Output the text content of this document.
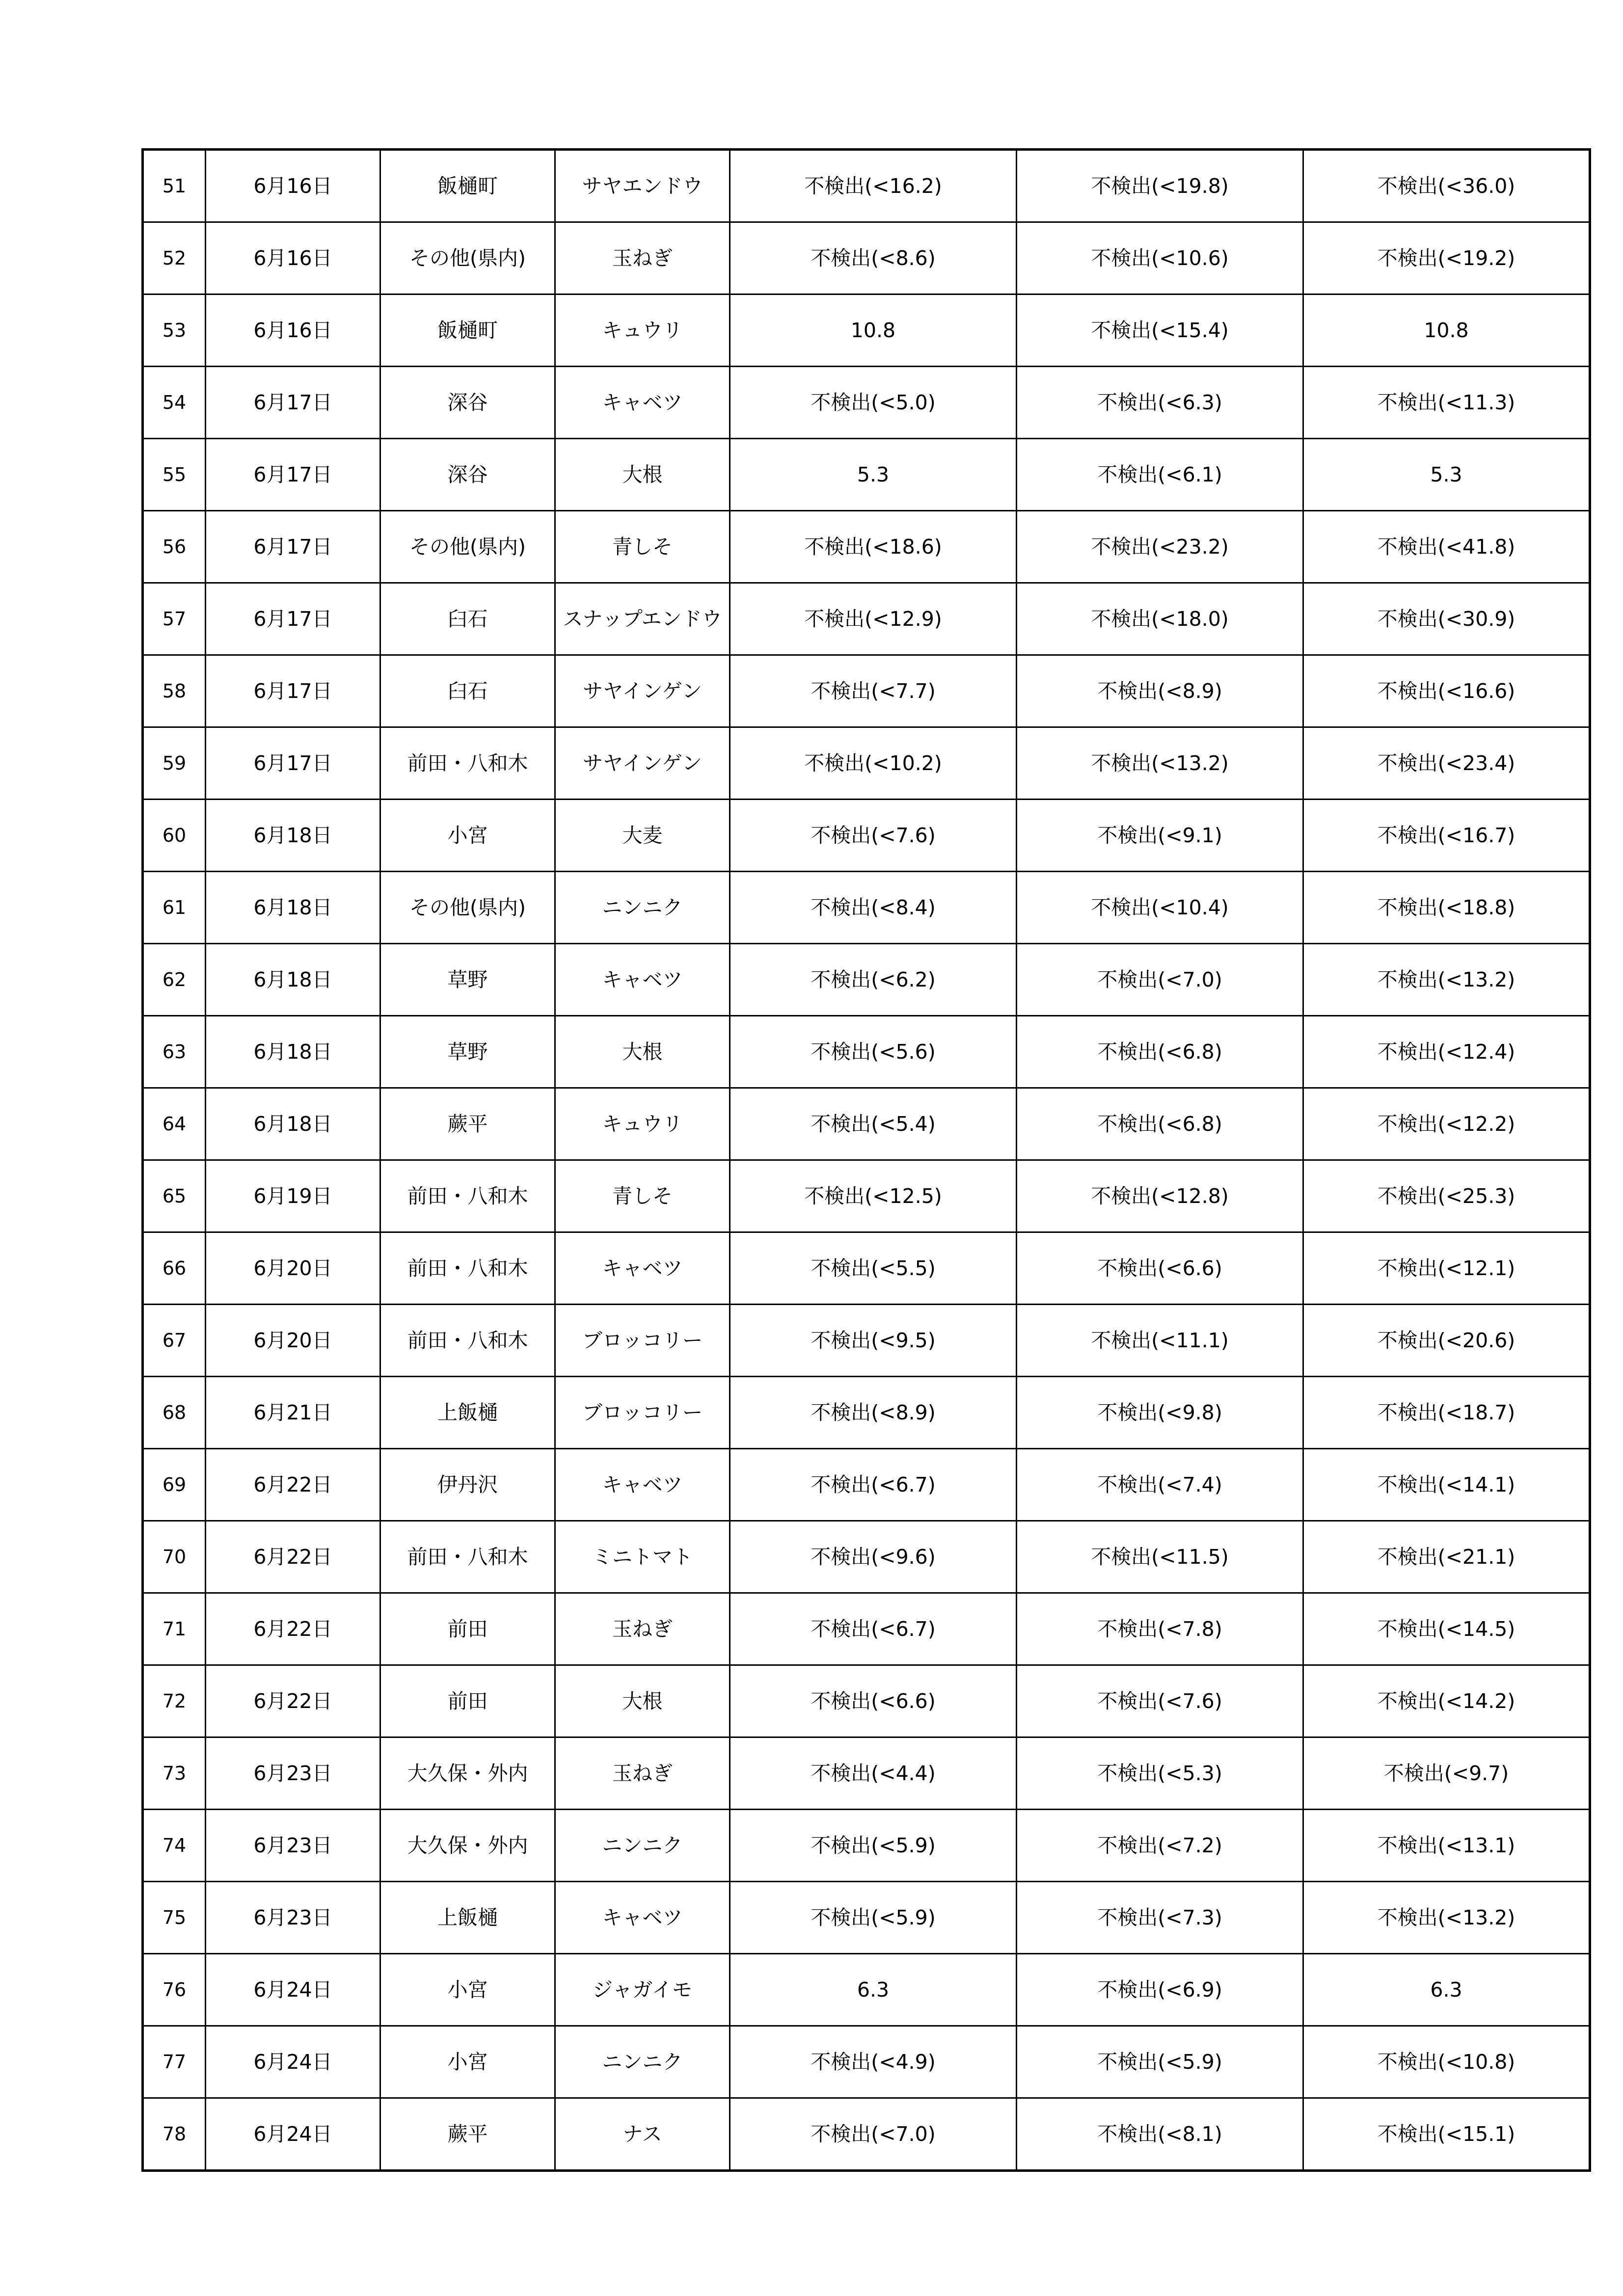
51	6月16日	飯樋町	サヤエンドウ	不検出(<16.2)	不検出(<19.8)	不検出(<36.0)
52	6月16日	その他(県内)	玉ねぎ	不検出(<8.6)	不検出(<10.6)	不検出(<19.2)
53	6月16日	飯樋町	キュウリ	10.8	不検出(<15.4)	10.8
54	6月17日	深谷	キャベツ	不検出(<5.0)	不検出(<6.3)	不検出(<11.3)
55	6月17日	深谷	大根	5.3	不検出(<6.1)	5.3
56	6月17日	その他(県内)	青しそ	不検出(<18.6)	不検出(<23.2)	不検出(<41.8)
57	6月17日	臼石	スナップエンドウ	不検出(<12.9)	不検出(<18.0)	不検出(<30.9)
58	6月17日	臼石	サヤインゲン	不検出(<7.7)	不検出(<8.9)	不検出(<16.6)
59	6月17日	前田・八和木	サヤインゲン	不検出(<10.2)	不検出(<13.2)	不検出(<23.4)
60	6月18日	小宮	大麦	不検出(<7.6)	不検出(<9.1)	不検出(<16.7)
61	6月18日	その他(県内)	ニンニク	不検出(<8.4)	不検出(<10.4)	不検出(<18.8)
62	6月18日	草野	キャベツ	不検出(<6.2)	不検出(<7.0)	不検出(<13.2)
63	6月18日	草野	大根	不検出(<5.6)	不検出(<6.8)	不検出(<12.4)
64	6月18日	蕨平	キュウリ	不検出(<5.4)	不検出(<6.8)	不検出(<12.2)
65	6月19日	前田・八和木	青しそ	不検出(<12.5)	不検出(<12.8)	不検出(<25.3)
66	6月20日	前田・八和木	キャベツ	不検出(<5.5)	不検出(<6.6)	不検出(<12.1)
67	6月20日	前田・八和木	ブロッコリー	不検出(<9.5)	不検出(<11.1)	不検出(<20.6)
68	6月21日	上飯樋	ブロッコリー	不検出(<8.9)	不検出(<9.8)	不検出(<18.7)
69	6月22日	伊丹沢	キャベツ	不検出(<6.7)	不検出(<7.4)	不検出(<14.1)
70	6月22日	前田・八和木	ミニトマト	不検出(<9.6)	不検出(<11.5)	不検出(<21.1)
71	6月22日	前田	玉ねぎ	不検出(<6.7)	不検出(<7.8)	不検出(<14.5)
72	6月22日	前田	大根	不検出(<6.6)	不検出(<7.6)	不検出(<14.2)
73	6月23日	大久保・外内	玉ねぎ	不検出(<4.4)	不検出(<5.3)	不検出(<9.7)
74	6月23日	大久保・外内	ニンニク	不検出(<5.9)	不検出(<7.2)	不検出(<13.1)
75	6月23日	上飯樋	キャベツ	不検出(<5.9)	不検出(<7.3)	不検出(<13.2)
76	6月24日	小宮	ジャガイモ	6.3	不検出(<6.9)	6.3
77	6月24日	小宮	ニンニク	不検出(<4.9)	不検出(<5.9)	不検出(<10.8)
78	6月24日	蕨平	ナス	不検出(<7.0)	不検出(<8.1)	不検出(<15.1)
